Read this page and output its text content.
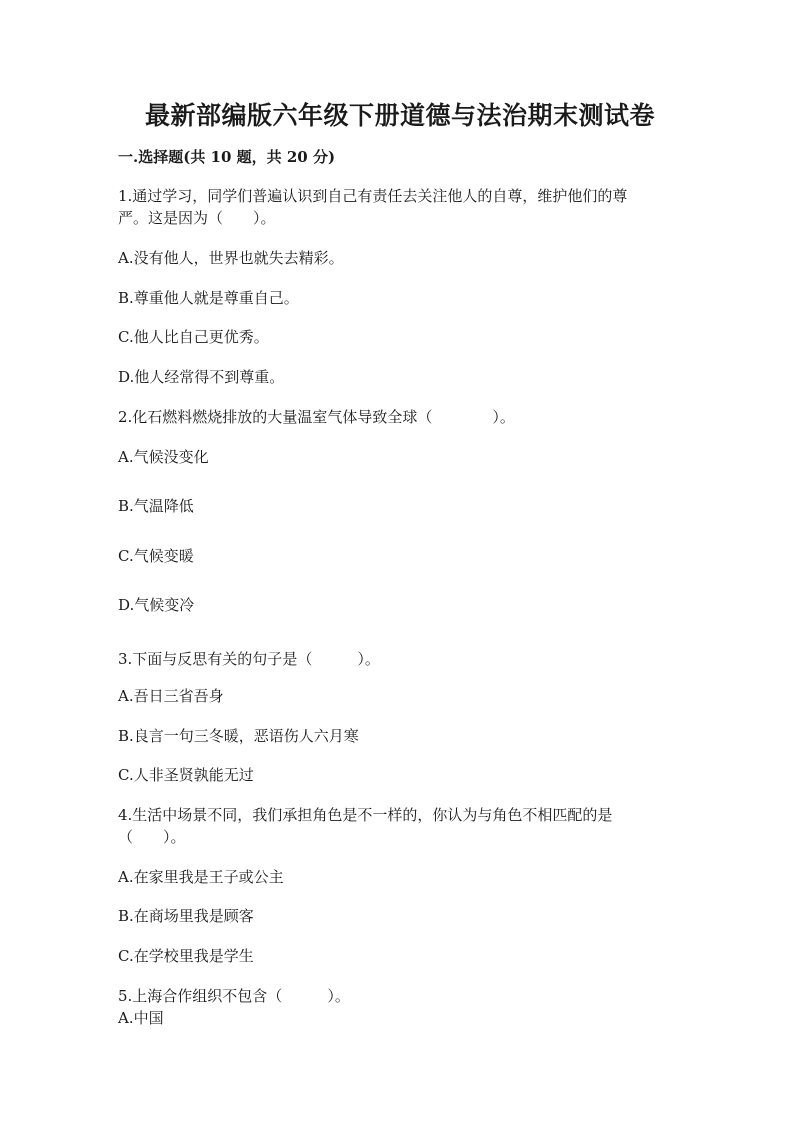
最新部编版六年级下册道德与法治期末测试卷
一.选择题(共 10 题，共 20 分)
1.通过学习，同学们普遍认识到自己有责任去关注他人的自尊，维护他们的尊
严。这是因为（　　）。
A.没有他人，世界也就失去精彩。
B.尊重他人就是尊重自己。
C.他人比自己更优秀。
D.他人经常得不到尊重。
2.化石燃料燃烧排放的大量温室气体导致全球（　　　　）。
A.气候没变化
B.气温降低
C.气候变暖
D.气候变冷
3.下面与反思有关的句子是（　　　）。
A.吾日三省吾身
B.良言一句三冬暖，恶语伤人六月寒
C.人非圣贤孰能无过
4.生活中场景不同，我们承担角色是不一样的，你认为与角色不相匹配的是
（　　）。
A.在家里我是王子或公主
B.在商场里我是顾客
C.在学校里我是学生
5.上海合作组织不包含（　　　）。
A.中国
